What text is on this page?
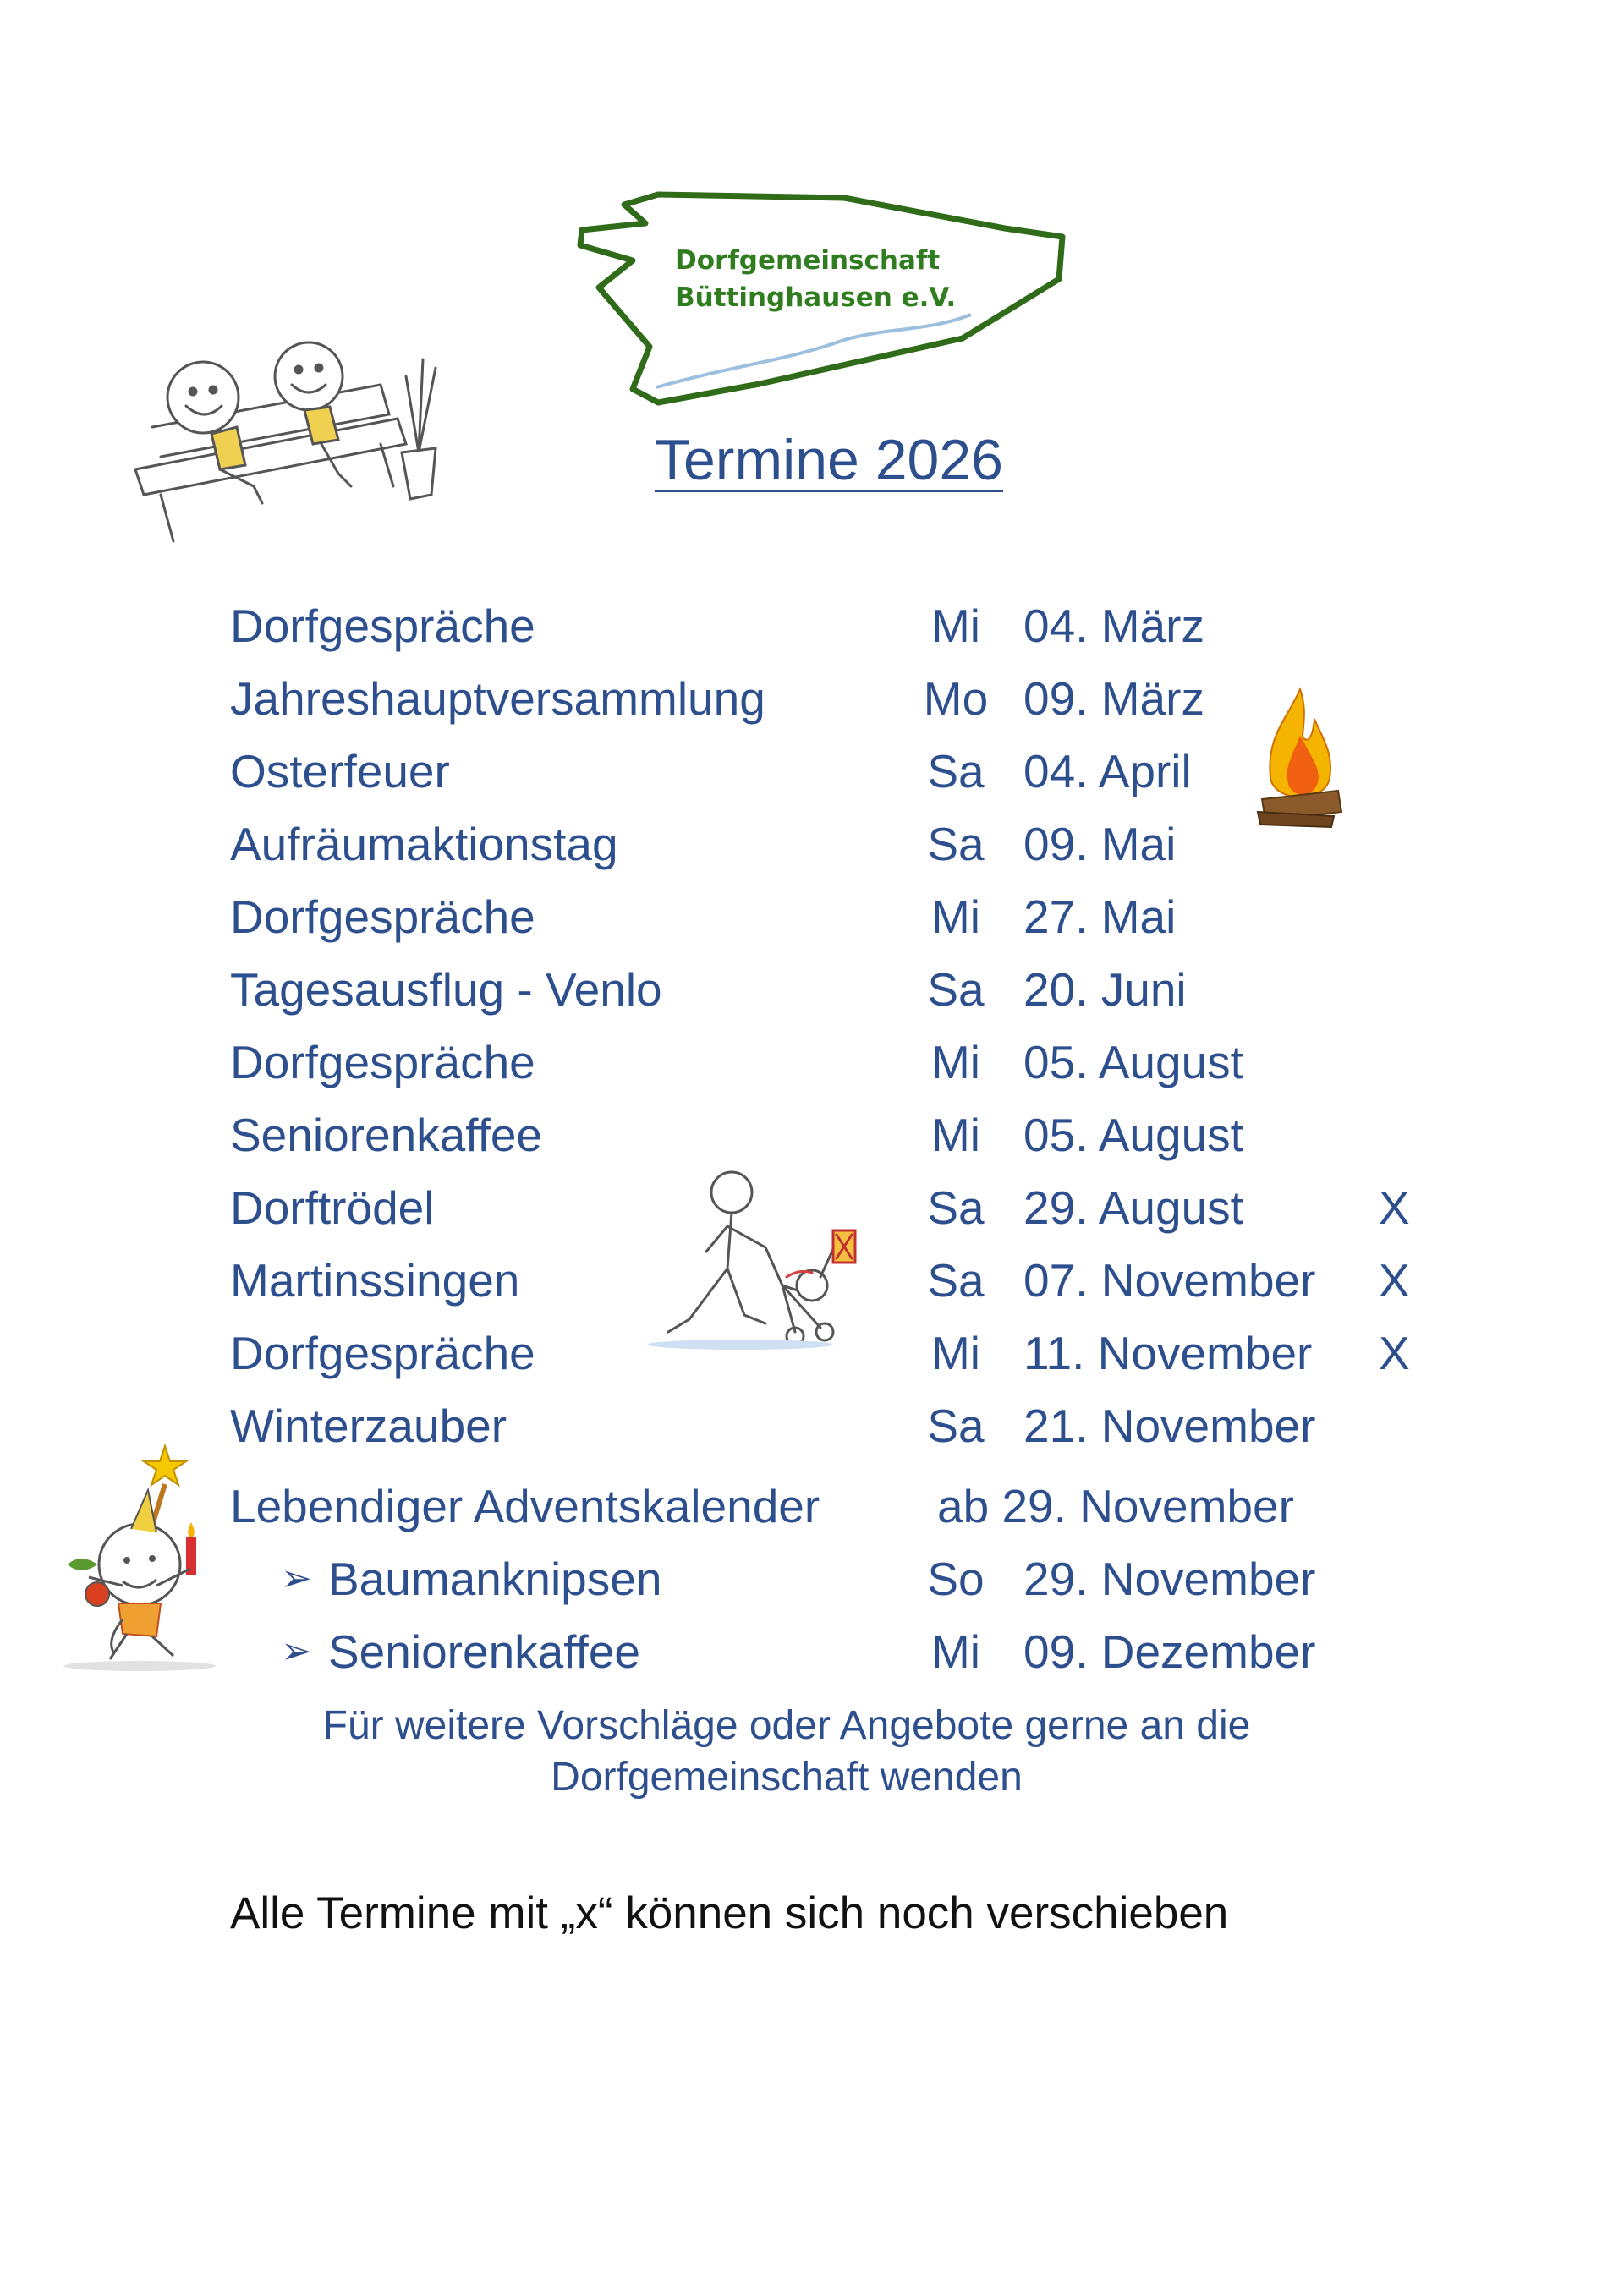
Dorfgemeinschaft
Büttinghausen e.V.
Termine 2026
Dorfgespräche	Mi 04. März
Jahreshauptversammlung	Mo 09. März
Osterfeuer	Sa 04. April
Aufräumaktionstag	Sa 09. Mai
Dorfgespräche	Mi 27. Mai
Tagesausflug - Venlo	Sa 20. Juni
Dorfgespräche	Mi 05. August
Seniorenkaffee	Mi 05. August
Dorftrödel	Sa 29. August	X
Martinssingen	Sa 07. November X
Dorfgespräche	Mi 11. November X
Winterzauber	Sa 21. November
Lebendiger Adventskalender	ab 29. November
➢ Baumanknipsen	So 29. November
➢ Seniorenkaffee	Mi 09. Dezember
Für weitere Vorschläge oder Angebote gerne an die
Dorfgemeinschaft wenden
Alle Termine mit „x“ können sich noch verschieben
